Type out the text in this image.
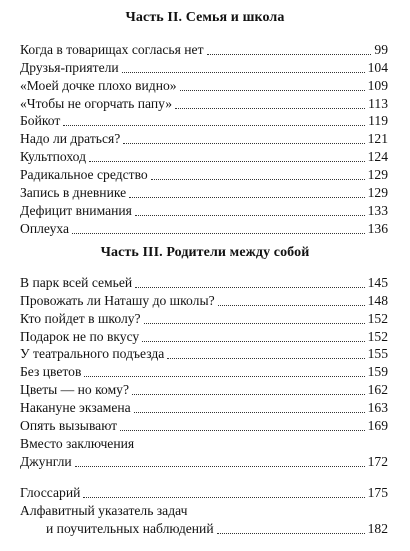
Часть II. Семья и школа
Когда в товарищах согласья нет	99
Друзья-приятели	104
«Моей дочке плохо видно»	109
«Чтобы не огорчать папу»	113
Бойкот	119
Надо ли драться?	121
Культпоход	124
Радикальное средство	129
Запись в дневнике	129
Дефицит внимания	133
Оплеуха	136
Часть III. Родители между собой
В парк всей семьей	145
Провожать ли Наташу до школы?	148
Кто пойдет в школу?	152
Подарок не по вкусу	152
У театрального подъезда	155
Без цветов	159
Цветы — но кому?	162
Накануне экзамена	163
Опять вызывают	169
Вместо заключения
Джунгли	172
Глоссарий	175
Алфавитный указатель задач
и поучительных наблюдений	182
